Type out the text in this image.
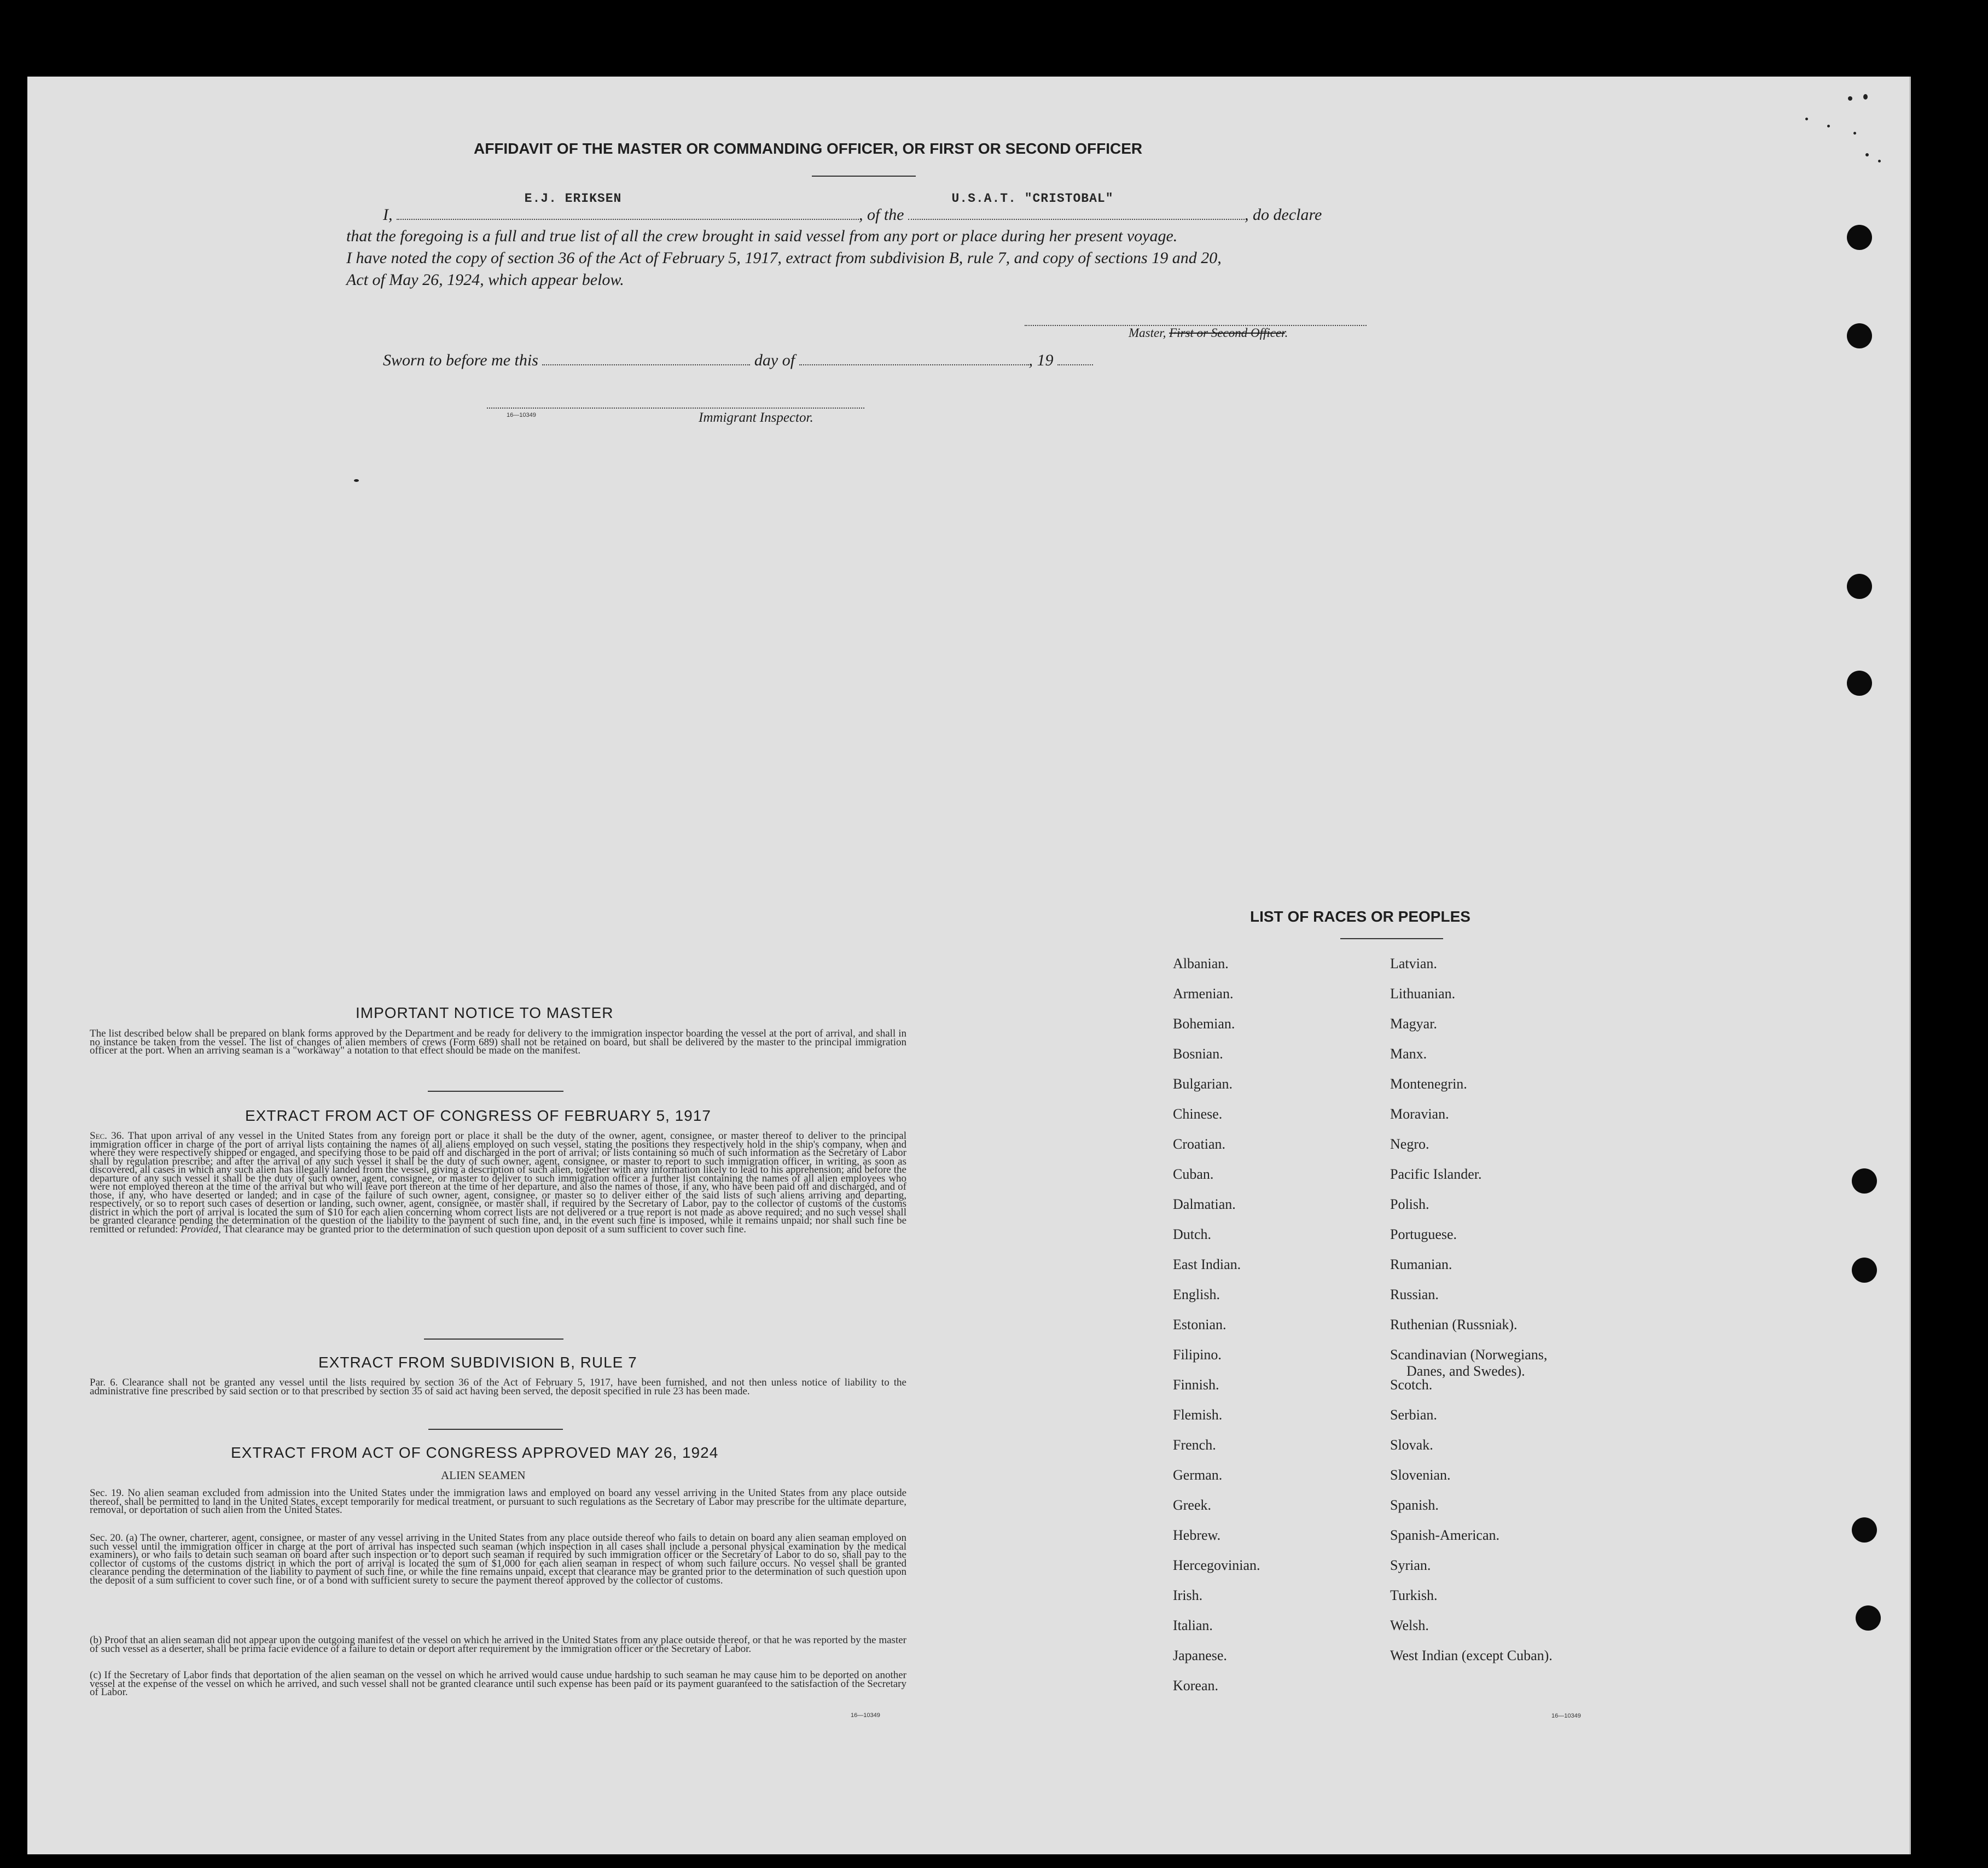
AFFIDAVIT OF THE MASTER OR COMMANDING OFFICER, OR FIRST OR SECOND OFFICER
I,
E.J. ERIKSEN
, of the
U.S.A.T. "CRISTOBAL"
, do declare
that the foregoing is a full and true list of all the crew brought in said vessel from any port or place during her present voyage.
I have noted the copy of section 36 of the Act of February 5, 1917, extract from subdivision B, rule 7, and copy of sections 19 and 20,
Act of May 26, 1924, which appear below.
Master, First or Second Officer.
Sworn to before me this	day of	, 19
16—10349	Immigrant Inspector.
IMPORTANT NOTICE TO MASTER
The list described below shall be prepared on blank forms approved by the Department and be ready for delivery to the immigration inspector boarding the vessel at the port of arrival, and shall in no instance be taken from the vessel. The list of changes of alien members of crews (Form 689) shall not be retained on board, but shall be delivered by the master to the principal immigration officer at the port. When an arriving seaman is a "workaway" a notation to that effect should be made on the manifest.
EXTRACT FROM ACT OF CONGRESS OF FEBRUARY 5, 1917
Sec. 36. That upon arrival of any vessel in the United States from any foreign port or place it shall be the duty of the owner, agent, consignee, or master thereof to deliver to the principal immigration officer in charge of the port of arrival lists containing the names of all aliens employed on such vessel, stating the positions they respectively hold in the ship's company, when and where they were respectively shipped or engaged, and specifying those to be paid off and discharged in the port of arrival; or lists containing so much of such information as the Secretary of Labor shall by regulation prescribe; and after the arrival of any such vessel it shall be the duty of such owner, agent, consignee, or master to report to such immigration officer, in writing, as soon as discovered, all cases in which any such alien has illegally landed from the vessel, giving a description of such alien, together with any information likely to lead to his apprehension; and before the departure of any such vessel it shall be the duty of such owner, agent, consignee, or master to deliver to such immigration officer a further list containing the names of all alien employees who were not employed thereon at the time of the arrival but who will leave port thereon at the time of her departure, and also the names of those, if any, who have been paid off and discharged, and of those, if any, who have deserted or landed; and in case of the failure of such owner, agent, consignee, or master so to deliver either of the said lists of such aliens arriving and departing, respectively, or so to report such cases of desertion or landing, such owner, agent, consignee, or master shall, if required by the Secretary of Labor, pay to the collector of customs of the customs district in which the port of arrival is located the sum of $10 for each alien concerning whom correct lists are not delivered or a true report is not made as above required; and no such vessel shall be granted clearance pending the determination of the question of the liability to the payment of such fine, and, in the event such fine is imposed, while it remains unpaid; nor shall such fine be remitted or refunded: Provided, That clearance may be granted prior to the determination of such question upon deposit of a sum sufficient to cover such fine.
EXTRACT FROM SUBDIVISION B, RULE 7
Par. 6. Clearance shall not be granted any vessel until the lists required by section 36 of the Act of February 5, 1917, have been furnished, and not then unless notice of liability to the administrative fine prescribed by said section or to that prescribed by section 35 of said act having been served, the deposit specified in rule 23 has been made.
EXTRACT FROM ACT OF CONGRESS APPROVED MAY 26, 1924
ALIEN SEAMEN
Sec. 19. No alien seaman excluded from admission into the United States under the immigration laws and employed on board any vessel arriving in the United States from any place outside thereof, shall be permitted to land in the United States, except temporarily for medical treatment, or pursuant to such regulations as the Secretary of Labor may prescribe for the ultimate departure, removal, or deportation of such alien from the United States.
Sec. 20. (a) The owner, charterer, agent, consignee, or master of any vessel arriving in the United States from any place outside thereof who fails to detain on board any alien seaman employed on such vessel until the immigration officer in charge at the port of arrival has inspected such seaman (which inspection in all cases shall include a personal physical examination by the medical examiners), or who fails to detain such seaman on board after such inspection or to deport such seaman if required by such immigration officer or the Secretary of Labor to do so, shall pay to the collector of customs of the customs district in which the port of arrival is located the sum of $1,000 for each alien seaman in respect of whom such failure occurs. No vessel shall be granted clearance pending the determination of the liability to payment of such fine, or while the fine remains unpaid, except that clearance may be granted prior to the determination of such question upon the deposit of a sum sufficient to cover such fine, or of a bond with sufficient surety to secure the payment thereof approved by the collector of customs.
(b) Proof that an alien seaman did not appear upon the outgoing manifest of the vessel on which he arrived in the United States from any place outside thereof, or that he was reported by the master of such vessel as a deserter, shall be prima facie evidence of a failure to detain or deport after requirement by the immigration officer or the Secretary of Labor.
(c) If the Secretary of Labor finds that deportation of the alien seaman on the vessel on which he arrived would cause undue hardship to such seaman he may cause him to be deported on another vessel at the expense of the vessel on which he arrived, and such vessel shall not be granted clearance until such expense has been paid or its payment guaranteed to the satisfaction of the Secretary of Labor.
16—10349
LIST OF RACES OR PEOPLES
Albanian.
Armenian.
Bohemian.
Bosnian.
Bulgarian.
Chinese.
Croatian.
Cuban.
Dalmatian.
Dutch.
East Indian.
English.
Estonian.
Filipino.
Finnish.
Flemish.
French.
German.
Greek.
Hebrew.
Hercegovinian.
Irish.
Italian.
Japanese.
Korean.
Latvian.
Lithuanian.
Magyar.
Manx.
Montenegrin.
Moravian.
Negro.
Pacific Islander.
Polish.
Portuguese.
Rumanian.
Russian.
Ruthenian (Russniak).
Scandinavian (Norwegians,
Danes, and Swedes).
Scotch.
Serbian.
Slovak.
Slovenian.
Spanish.
Spanish-American.
Syrian.
Turkish.
Welsh.
West Indian (except Cuban).
16—10349
